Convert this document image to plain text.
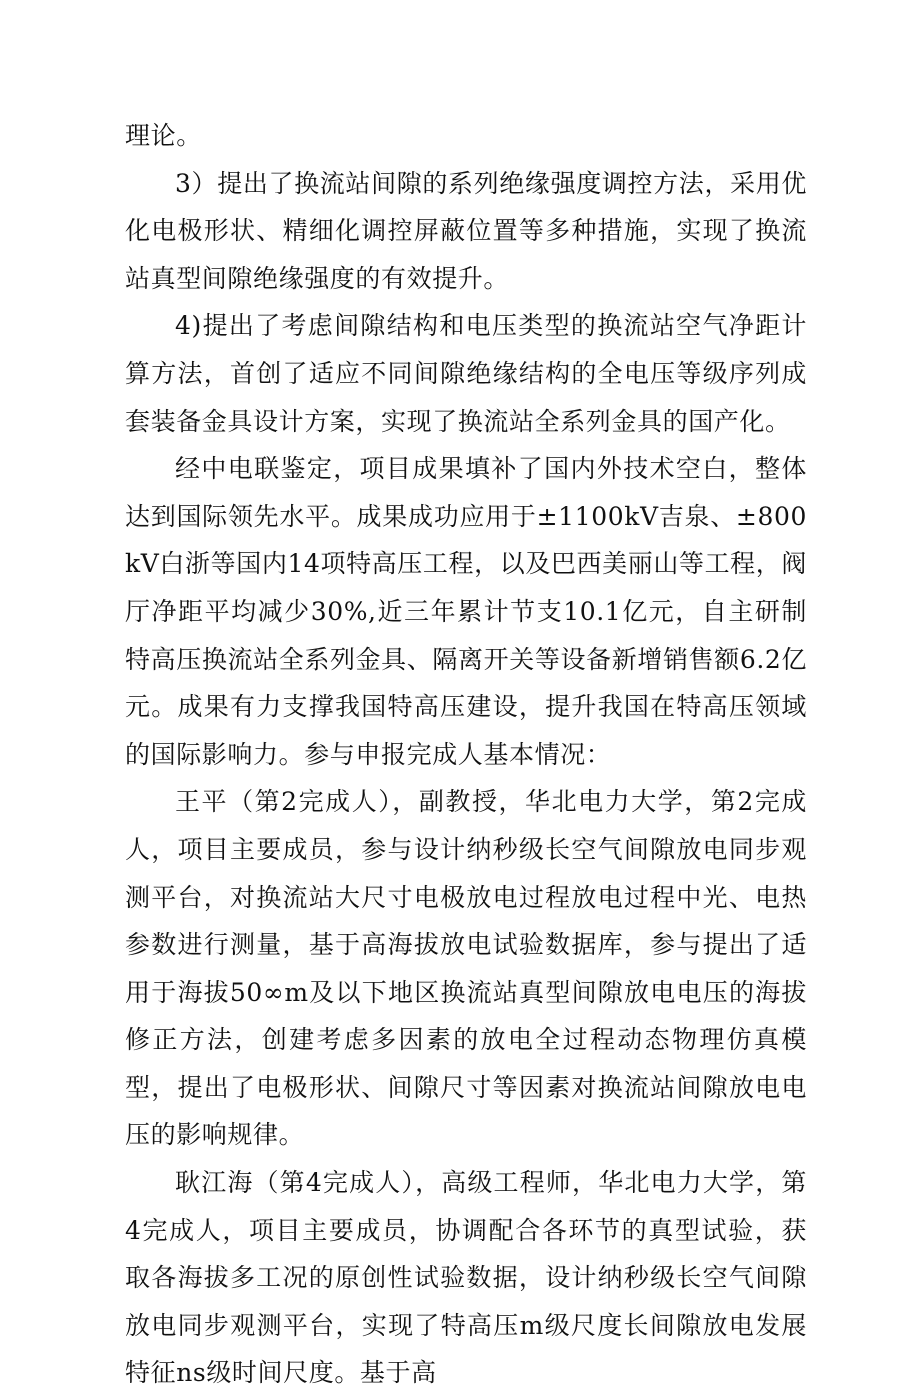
理论。

3）提出了换流站间隙的系列绝缘强度调控方法，采用优化电极形状、精细化调控屏蔽位置等多种措施，实现了换流站真型间隙绝缘强度的有效提升。

4)提出了考虑间隙结构和电压类型的换流站空气净距计算方法，首创了适应不同间隙绝缘结构的全电压等级序列成套装备金具设计方案，实现了换流站全系列金具的国产化。

经中电联鉴定，项目成果填补了国内外技术空白，整体达到国际领先水平。成果成功应用于±1100kV吉泉、±800kV白浙等国内14项特高压工程，以及巴西美丽山等工程，阀厅净距平均减少30%,近三年累计节支10.1亿元，自主研制特高压换流站全系列金具、隔离开关等设备新增销售额6.2亿元。成果有力支撑我国特高压建设，提升我国在特高压领域的国际影响力。参与申报完成人基本情况：

王平（第2完成人），副教授，华北电力大学，第2完成人，项目主要成员，参与设计纳秒级长空气间隙放电同步观测平台，对换流站大尺寸电极放电过程放电过程中光、电热参数进行测量，基于高海拔放电试验数据库，参与提出了适用于海拔50∞m及以下地区换流站真型间隙放电电压的海拔修正方法，创建考虑多因素的放电全过程动态物理仿真模型，提出了电极形状、间隙尺寸等因素对换流站间隙放电电压的影响规律。

耿江海（第4完成人），高级工程师，华北电力大学，第4完成人，项目主要成员，协调配合各环节的真型试验，获取各海拔多工况的原创性试验数据，设计纳秒级长空气间隙放电同步观测平台，实现了特高压m级尺度长间隙放电发展特征ns级时间尺度。基于高
